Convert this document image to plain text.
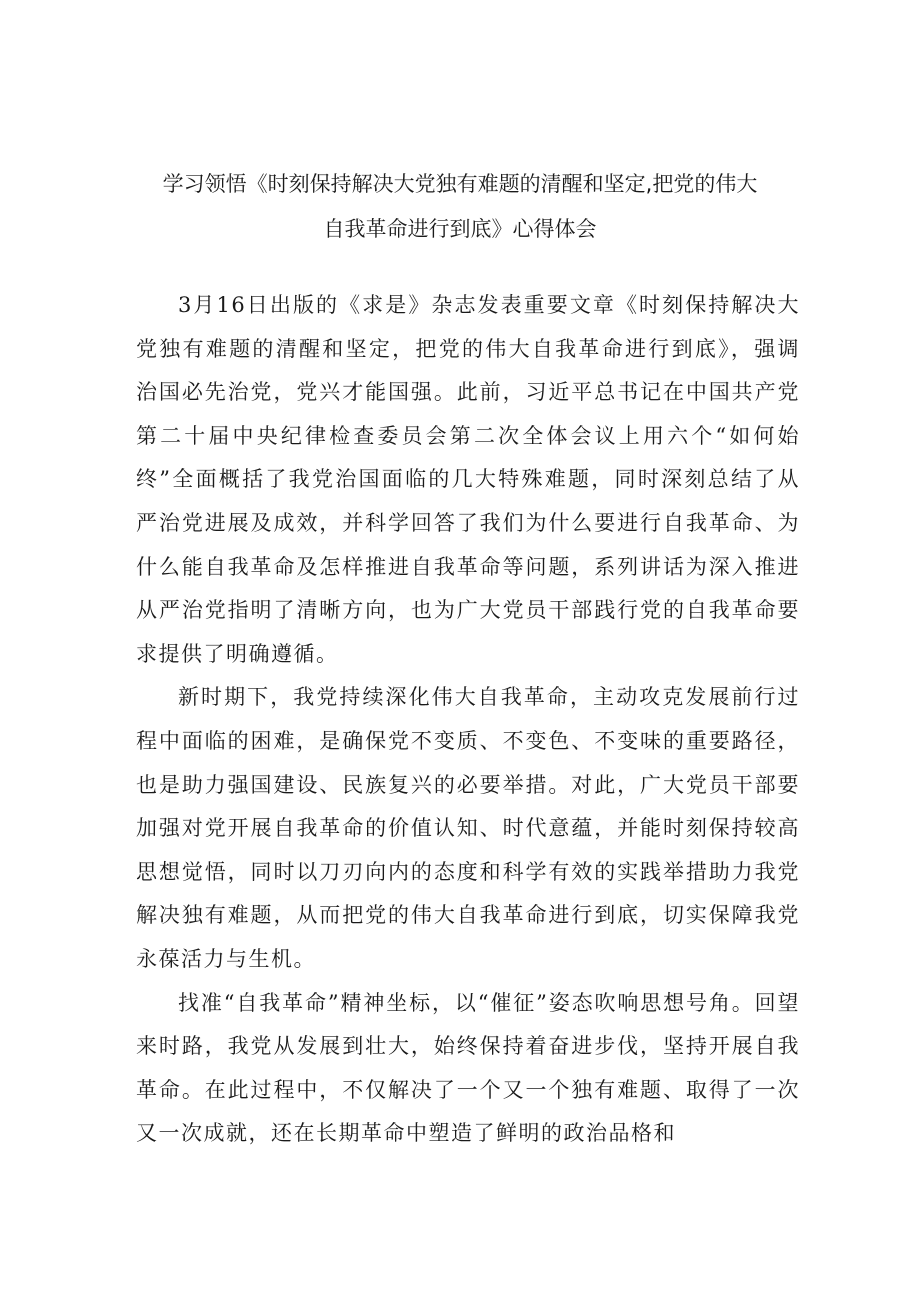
学习领悟《时刻保持解决大党独有难题的清醒和坚定,把党的伟大
自我革命进行到底》心得体会

3月16日出版的《求是》杂志发表重要文章《时刻保持解决大党独有难题的清醒和坚定，把党的伟大自我革命进行到底》，强调治国必先治党，党兴才能国强。此前，习近平总书记在中国共产党第二十届中央纪律检查委员会第二次全体会议上用六个“如何始终”全面概括了我党治国面临的几大特殊难题，同时深刻总结了从严治党进展及成效，并科学回答了我们为什么要进行自我革命、为什么能自我革命及怎样推进自我革命等问题，系列讲话为深入推进从严治党指明了清晰方向，也为广大党员干部践行党的自我革命要求提供了明确遵循。

新时期下，我党持续深化伟大自我革命，主动攻克发展前行过程中面临的困难，是确保党不变质、不变色、不变味的重要路径，也是助力强国建设、民族复兴的必要举措。对此，广大党员干部要加强对党开展自我革命的价值认知、时代意蕴，并能时刻保持较高思想觉悟，同时以刀刃向内的态度和科学有效的实践举措助力我党解决独有难题，从而把党的伟大自我革命进行到底，切实保障我党永葆活力与生机。

找准“自我革命”精神坐标，以“催征”姿态吹响思想号角。回望来时路，我党从发展到壮大，始终保持着奋进步伐，坚持开展自我革命。在此过程中，不仅解决了一个又一个独有难题、取得了一次又一次成就，还在长期革命中塑造了鲜明的政治品格和
